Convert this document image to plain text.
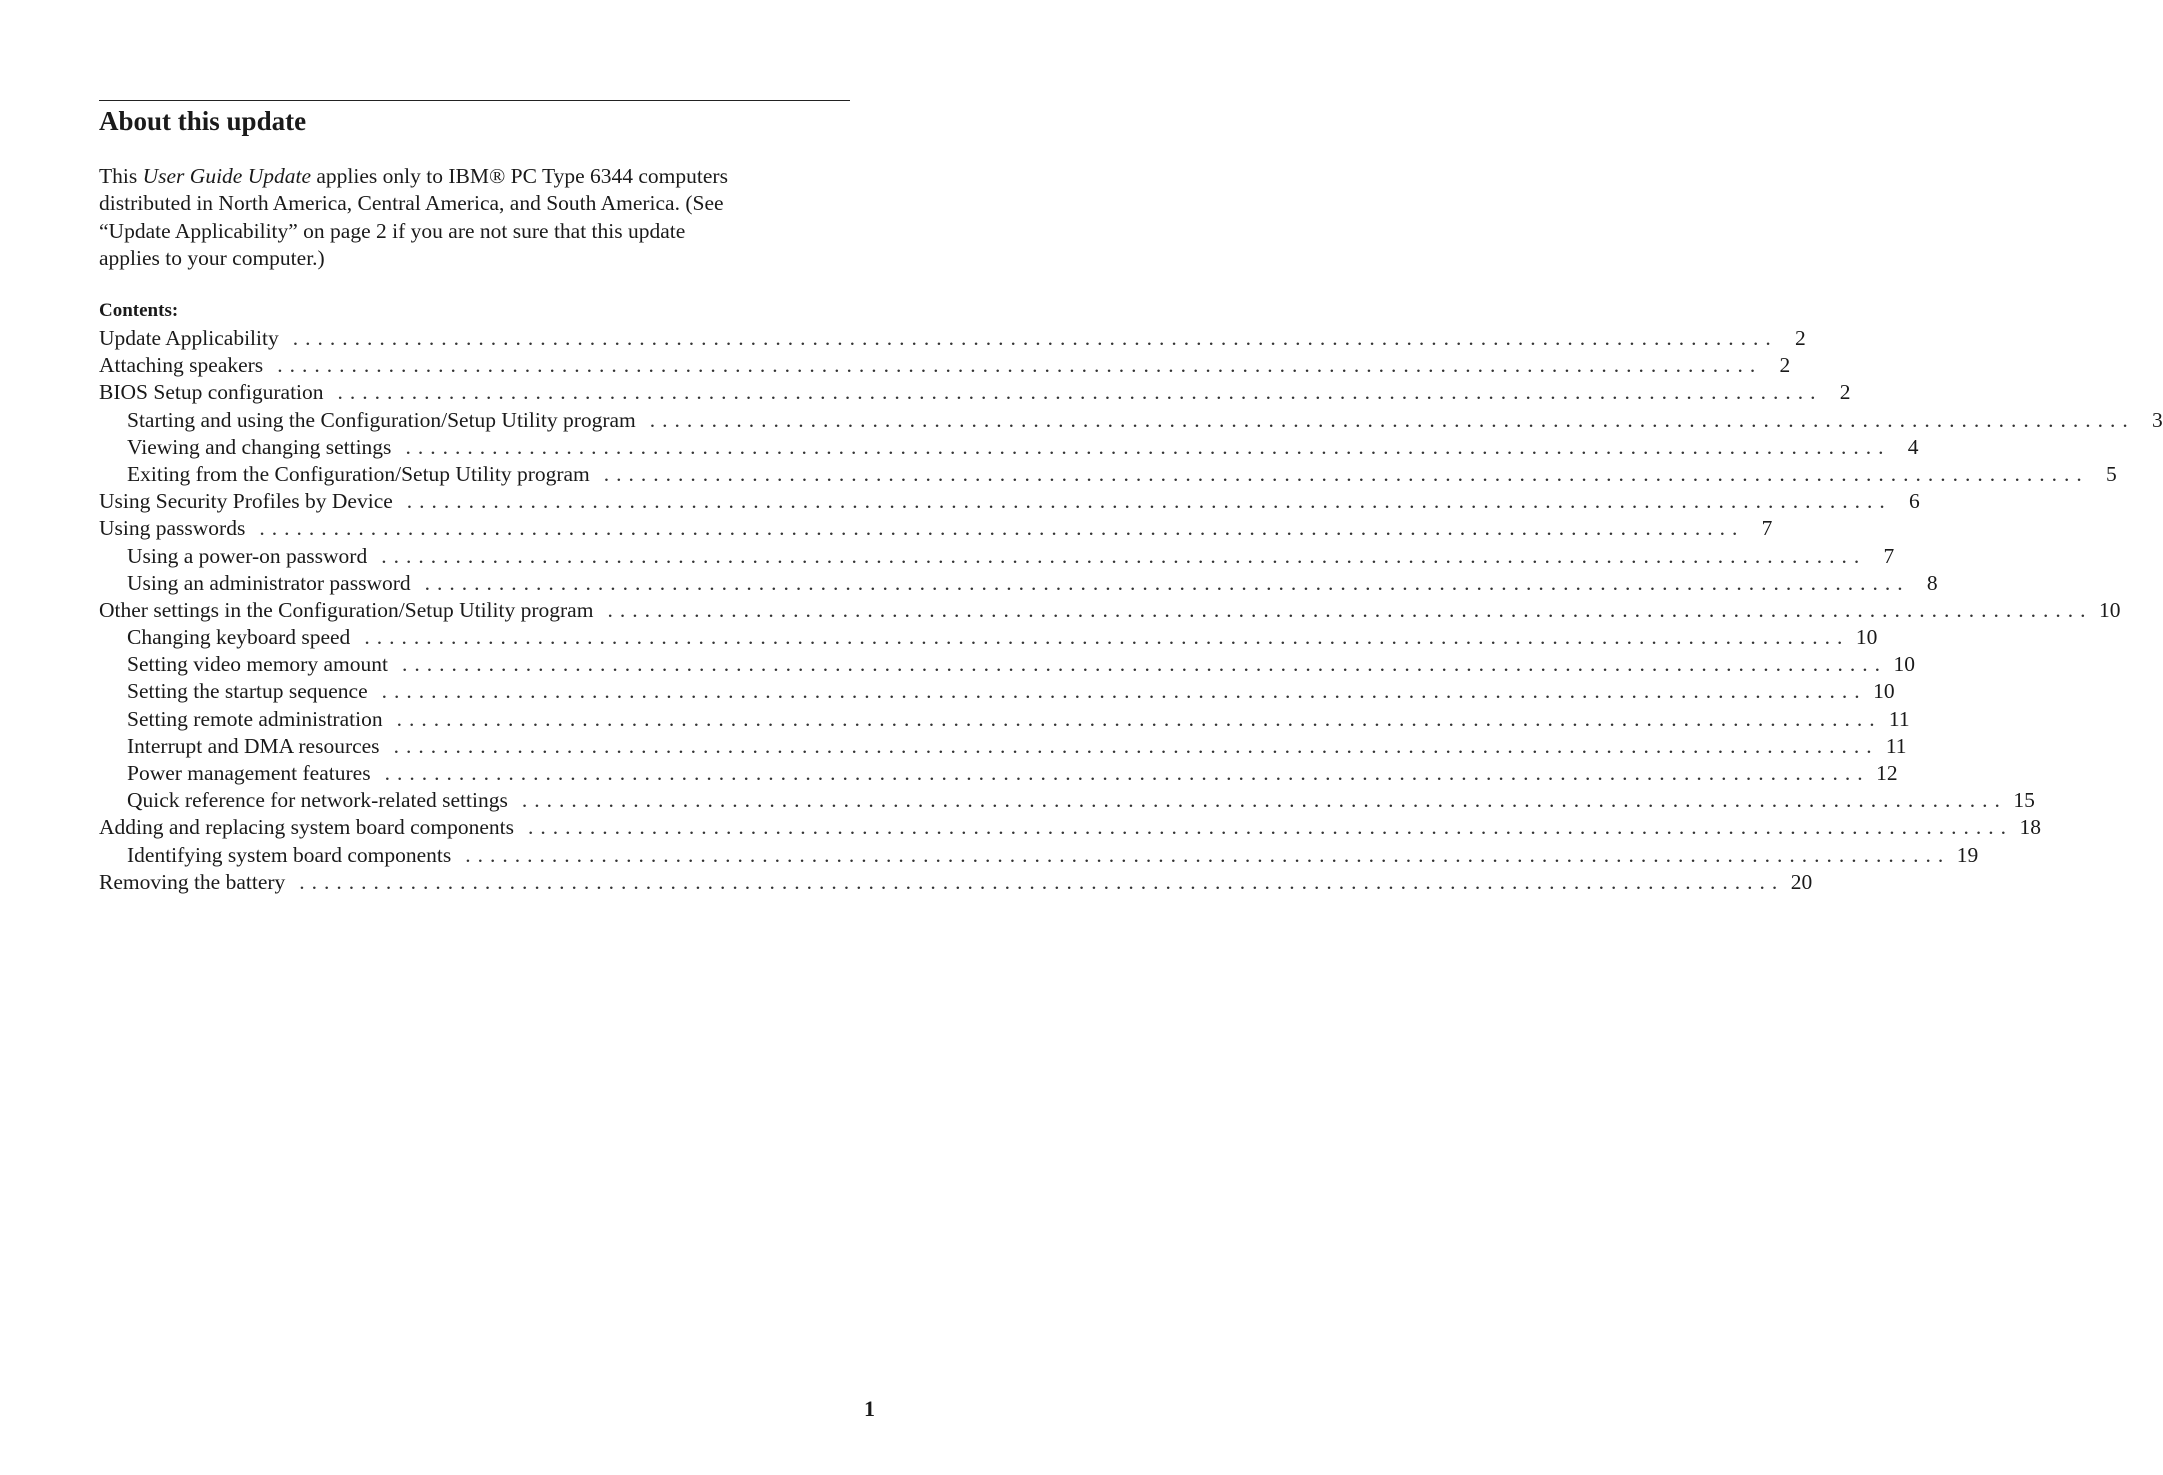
About this update
This User Guide Update applies only to IBM® PC Type 6344 computers
distributed in North America, Central America, and South America. (See
“Update Applicability” on page 2 if you are not sure that this update
applies to your computer.)
Contents:
Update Applicability ........................................................................................................................ 2
Attaching speakers ........................................................................................................................ 2
BIOS Setup configuration ........................................................................................................................ 2
Starting and using the Configuration/Setup Utility program ........................................................................................................................ 3
Viewing and changing settings ........................................................................................................................ 4
Exiting from the Configuration/Setup Utility program ........................................................................................................................ 5
Using Security Profiles by Device ........................................................................................................................ 6
Using passwords ........................................................................................................................ 7
Using a power-on password ........................................................................................................................ 7
Using an administrator password ........................................................................................................................ 8
Other settings in the Configuration/Setup Utility program ........................................................................................................................ 10
Changing keyboard speed ........................................................................................................................ 10
Setting video memory amount ........................................................................................................................ 10
Setting the startup sequence ........................................................................................................................ 10
Setting remote administration ........................................................................................................................ 11
Interrupt and DMA resources ........................................................................................................................ 11
Power management features ........................................................................................................................ 12
Quick reference for network-related settings ........................................................................................................................ 15
Adding and replacing system board components ........................................................................................................................ 18
Identifying system board components ........................................................................................................................ 19
Removing the battery ........................................................................................................................ 20
1
